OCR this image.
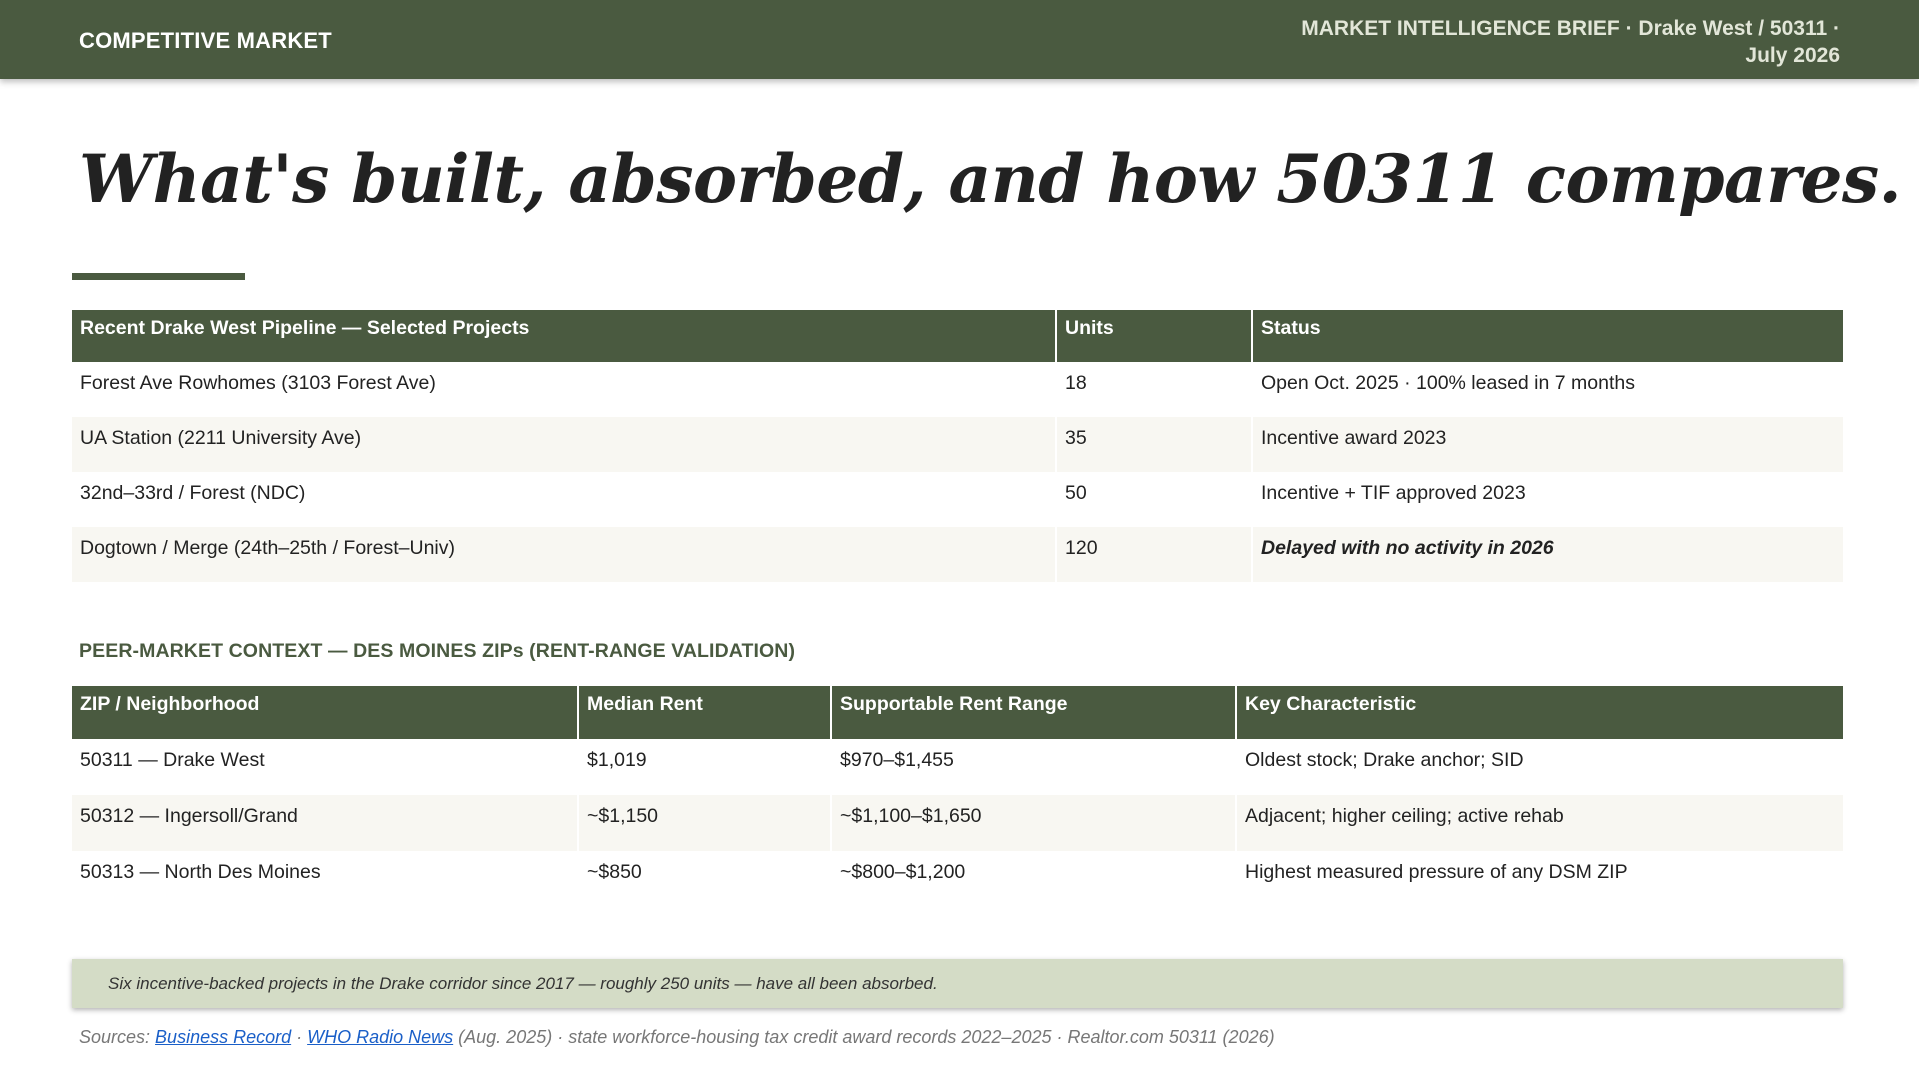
COMPETITIVE MARKET	MARKET INTELLIGENCE BRIEF · Drake West / 50311 ·
July 2026
What's built, absorbed, and how 50311 compares.
Recent Drake West Pipeline — Selected Projects	Units	Status
Forest Ave Rowhomes (3103 Forest Ave)	18	Open Oct. 2025 · 100% leased in 7 months
UA Station (2211 University Ave)	35	Incentive award 2023
32nd–33rd / Forest (NDC)	50	Incentive + TIF approved 2023
Dogtown / Merge (24th–25th / Forest–Univ)	120	Delayed with no activity in 2026
PEER-MARKET CONTEXT — DES MOINES ZIPs (RENT-RANGE VALIDATION)
ZIP / Neighborhood	Median Rent	Supportable Rent Range	Key Characteristic
50311 — Drake West	$1,019	$970–$1,455	Oldest stock; Drake anchor; SID
50312 — Ingersoll/Grand	~$1,150	~$1,100–$1,650	Adjacent; higher ceiling; active rehab
50313 — North Des Moines	~$850	~$800–$1,200	Highest measured pressure of any DSM ZIP
Six incentive-backed projects in the Drake corridor since 2017 — roughly 250 units — have all been absorbed.
Sources: Business Record · WHO Radio News (Aug. 2025) · state workforce-housing tax credit award records 2022–2025 · Realtor.com 50311 (2026)
